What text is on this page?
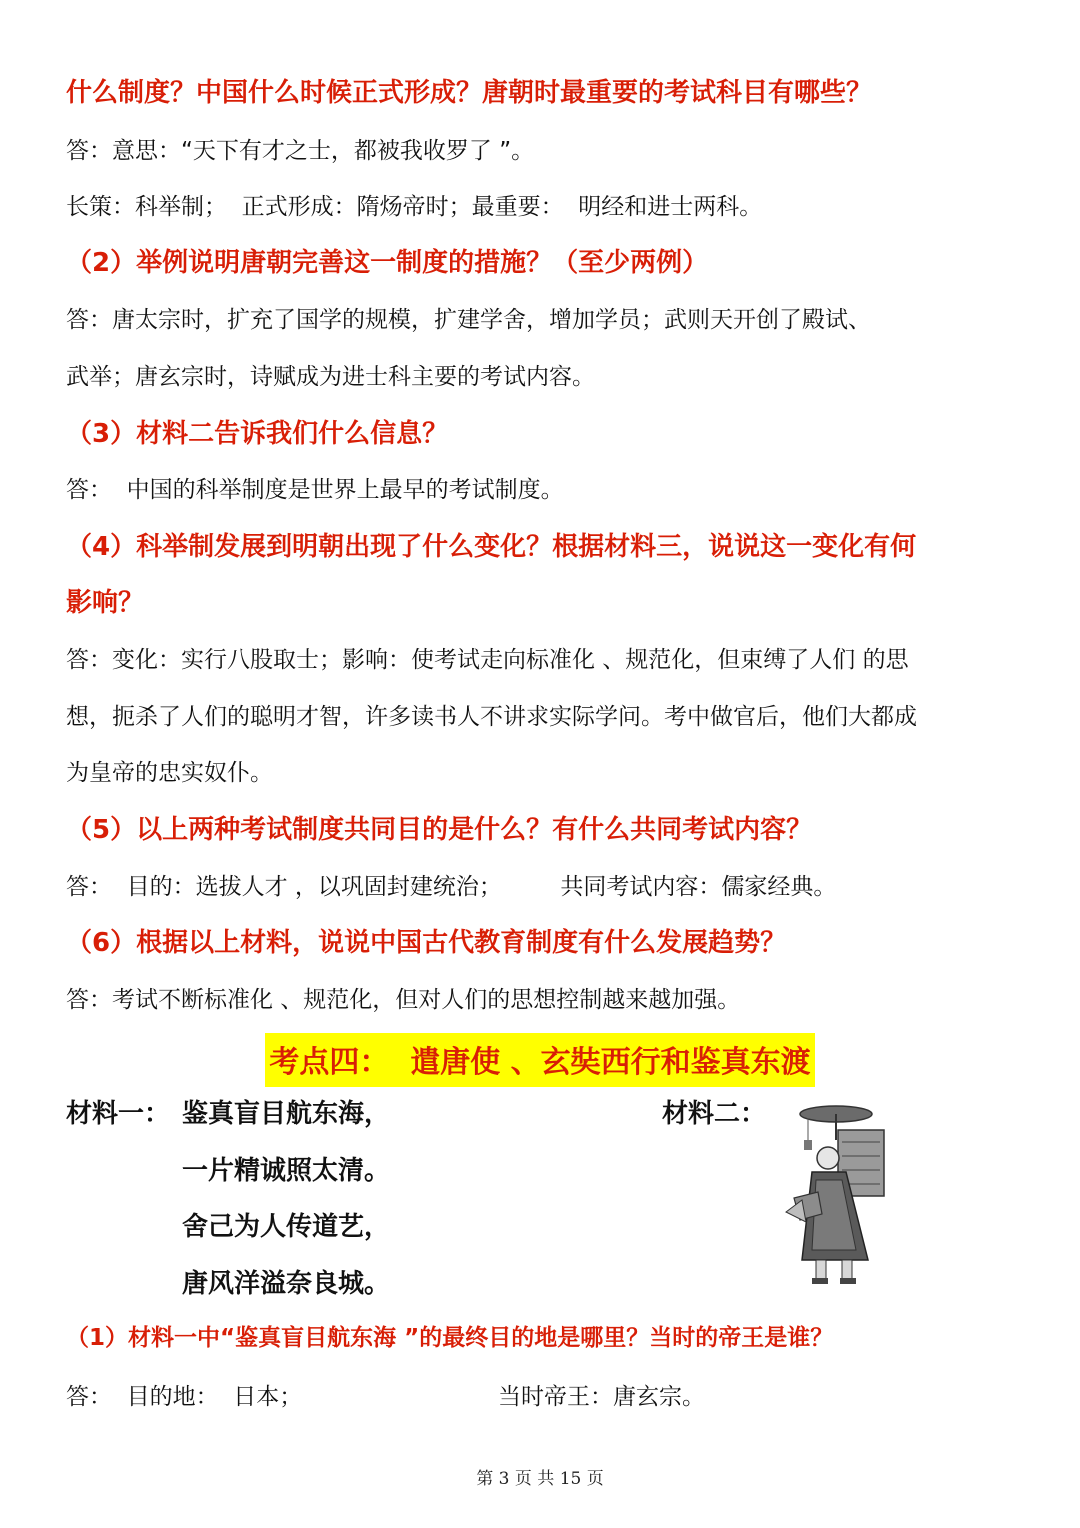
什么制度？中国什么时候正式形成？唐朝时最重要的考试科目有哪些？
答：意思：“天下有才之士，都被我收罗了 ”。
长策：科举制；  正式形成：隋炀帝时；最重要：  明经和进士两科。
（2）举例说明唐朝完善这一制度的措施？（至少两例）
答：唐太宗时，扩充了国学的规模，扩建学舍，增加学员；武则天开创了殿试、
武举；唐玄宗时，诗赋成为进士科主要的考试内容。
（3）材料二告诉我们什么信息？
答：  中国的科举制度是世界上最早的考试制度。
（4）科举制发展到明朝出现了什么变化？根据材料三，说说这一变化有何
影响？
答：变化：实行八股取士；影响：使考试走向标准化 、规范化，但束缚了人们 的思
想，扼杀了人们的聪明才智，许多读书人不讲求实际学问。考中做官后，他们大都成
为皇帝的忠实奴仆。
（5）以上两种考试制度共同目的是什么？有什么共同考试内容？
答：  目的：选拔人才 ，以巩固封建统治；        共同考试内容：儒家经典。
（6）根据以上材料，说说中国古代教育制度有什么发展趋势？
答：考试不断标准化 、规范化，但对人们的思想控制越来越加强。
考点四：  遣唐使 、玄奘西行和鉴真东渡
材料一： 鉴真盲目航东海，
一片精诚照太清。
舍己为人传道艺，
唐风洋溢奈良城。
材料二：
（1）材料一中“鉴真盲目航东海 ”的最终目的地是哪里？当时的帝王是谁？
答：  目的地：  日本；	当时帝王：唐玄宗。
第 3 页 共 15 页
